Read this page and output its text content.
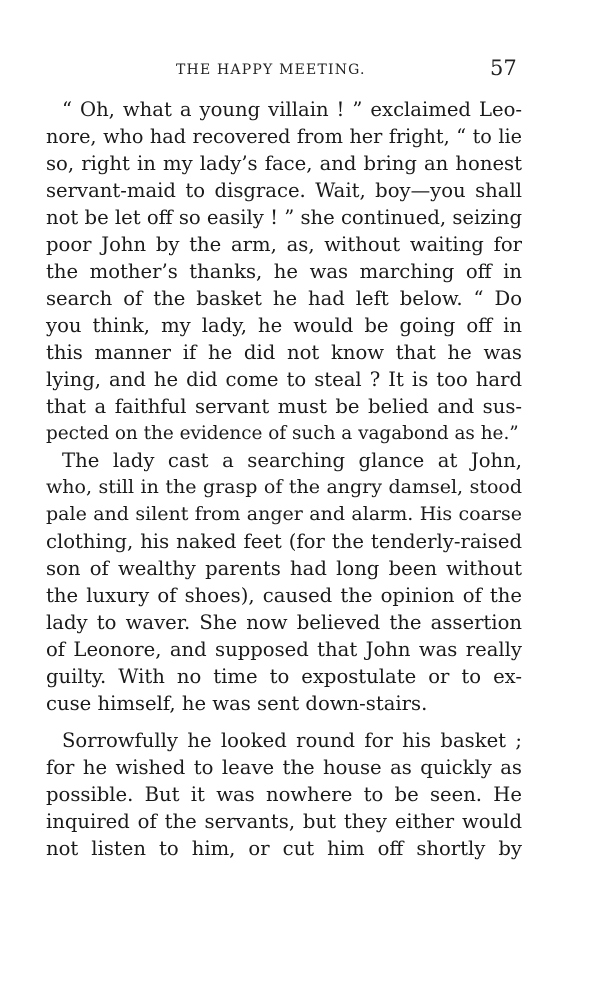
THE HAPPY MEETING.	57
“ Oh, what a young villain ! ” exclaimed Leo-
nore, who had recovered from her fright, “ to lie
so, right in my lady’s face, and bring an honest
servant-maid to disgrace. Wait, boy—you shall
not be let off so easily ! ” she continued, seizing
poor John by the arm, as, without waiting for
the mother’s thanks, he was marching off in
search of the basket he had left below. “ Do
you think, my lady, he would be going off in
this manner if he did not know that he was
lying, and he did come to steal ? It is too hard
that a faithful servant must be belied and sus-
pected on the evidence of such a vagabond as he.”
The lady cast a searching glance at John,
who, still in the grasp of the angry damsel, stood
pale and silent from anger and alarm. His coarse
clothing, his naked feet (for the tenderly-raised
son of wealthy parents had long been without
the luxury of shoes), caused the opinion of the
lady to waver. She now believed the assertion
of Leonore, and supposed that John was really
guilty. With no time to expostulate or to ex-
cuse himself, he was sent down-stairs.
Sorrowfully he looked round for his basket ;
for he wished to leave the house as quickly as
possible. But it was nowhere to be seen. He
inquired of the servants, but they either would
not listen to him, or cut him off shortly by
